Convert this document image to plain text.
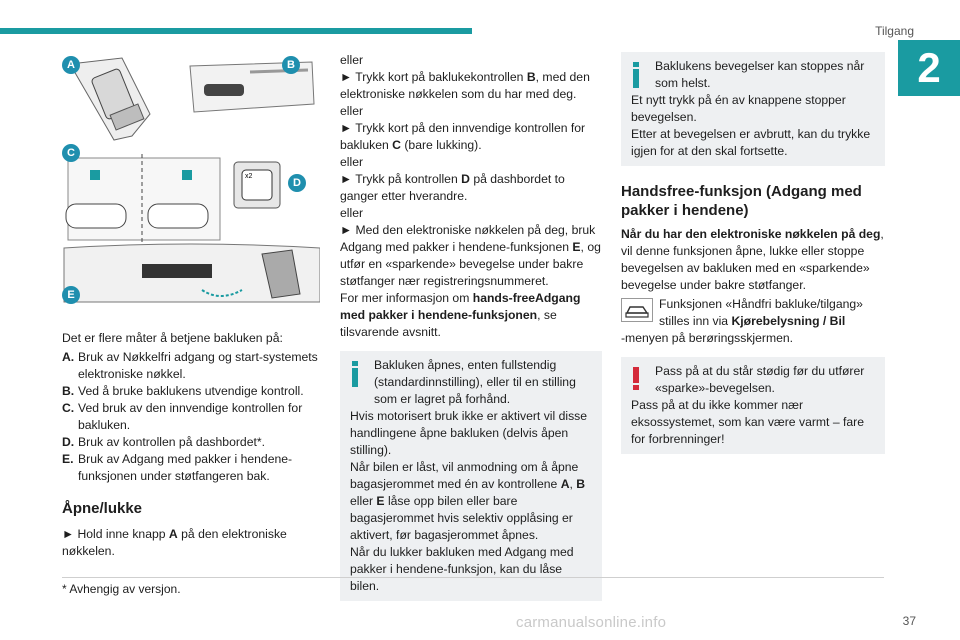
Tilgang
2
x2
A	B
C
D
E

Det er flere måter å betjene bakluken på:

A. Bruk av Nøkkelfri adgang og start-systemets elektroniske nøkkel.
B. Ved å bruke baklukens utvendige kontroll.
C. Ved bruk av den innvendige kontrollen for bakluken.
D. Bruk av kontrollen på dashbordet*.
E. Bruk av Adgang med pakker i hendene-funksjonen under støtfangeren bak.
Åpne/lukke

► Hold inne knapp A på den elektroniske nøkkelen.

eller

► Trykk kort på baklukekontrollen B, med den elektroniske nøkkelen som du har med deg.

eller

► Trykk kort på den innvendige kontrollen for bakluken C (bare lukking).

eller

► Trykk på kontrollen D på dashbordet to ganger etter hverandre.

eller

► Med den elektroniske nøkkelen på deg, bruk Adgang med pakker i hendene-funksjonen E, og utfør en «sparkende» bevegelse under bakre støtfanger nær registreringsnummeret.

For mer informasjon om hands-freeAdgang med pakker i hendene-funksjonen, se tilsvarende avsnitt.

Bakluken åpnes, enten fullstendig (standardinnstilling), eller til en stilling som er lagret på forhånd.

Hvis motorisert bruk ikke er aktivert vil disse handlingene åpne bakluken (delvis åpen stilling).

Når bilen er låst, vil anmodning om å åpne bagasjerommet med én av kontrollene A, B eller E låse opp bilen eller bare bagasjerommet hvis selektiv opplåsing er aktivert, før bagasjerommet åpnes.

Når du lukker bakluken med Adgang med pakker i hendene-funksjon, kan du låse bilen.

Baklukens bevegelser kan stoppes når som helst.

Et nytt trykk på én av knappene stopper bevegelsen.

Etter at bevegelsen er avbrutt, kan du trykke igjen for at den skal fortsette.

Handsfree-funksjon (Adgang med pakker i hendene)

Når du har den elektroniske nøkkelen på deg, vil denne funksjonen åpne, lukke eller stoppe bevegelsen av bakluken med en «sparkende» bevegelse under bakre støtfanger.

Funksjonen «Håndfri bakluke/tilgang» stilles inn via Kjørebelysning / Bil

-menyen på berøringsskjermen.

Pass på at du står stødig før du utfører «sparke»-bevegelsen.

Pass på at du ikke kommer nær eksossystemet, som kan være varmt – fare for forbrenninger!

* Avhengig av versjon.
carmanualsonline.info	37
